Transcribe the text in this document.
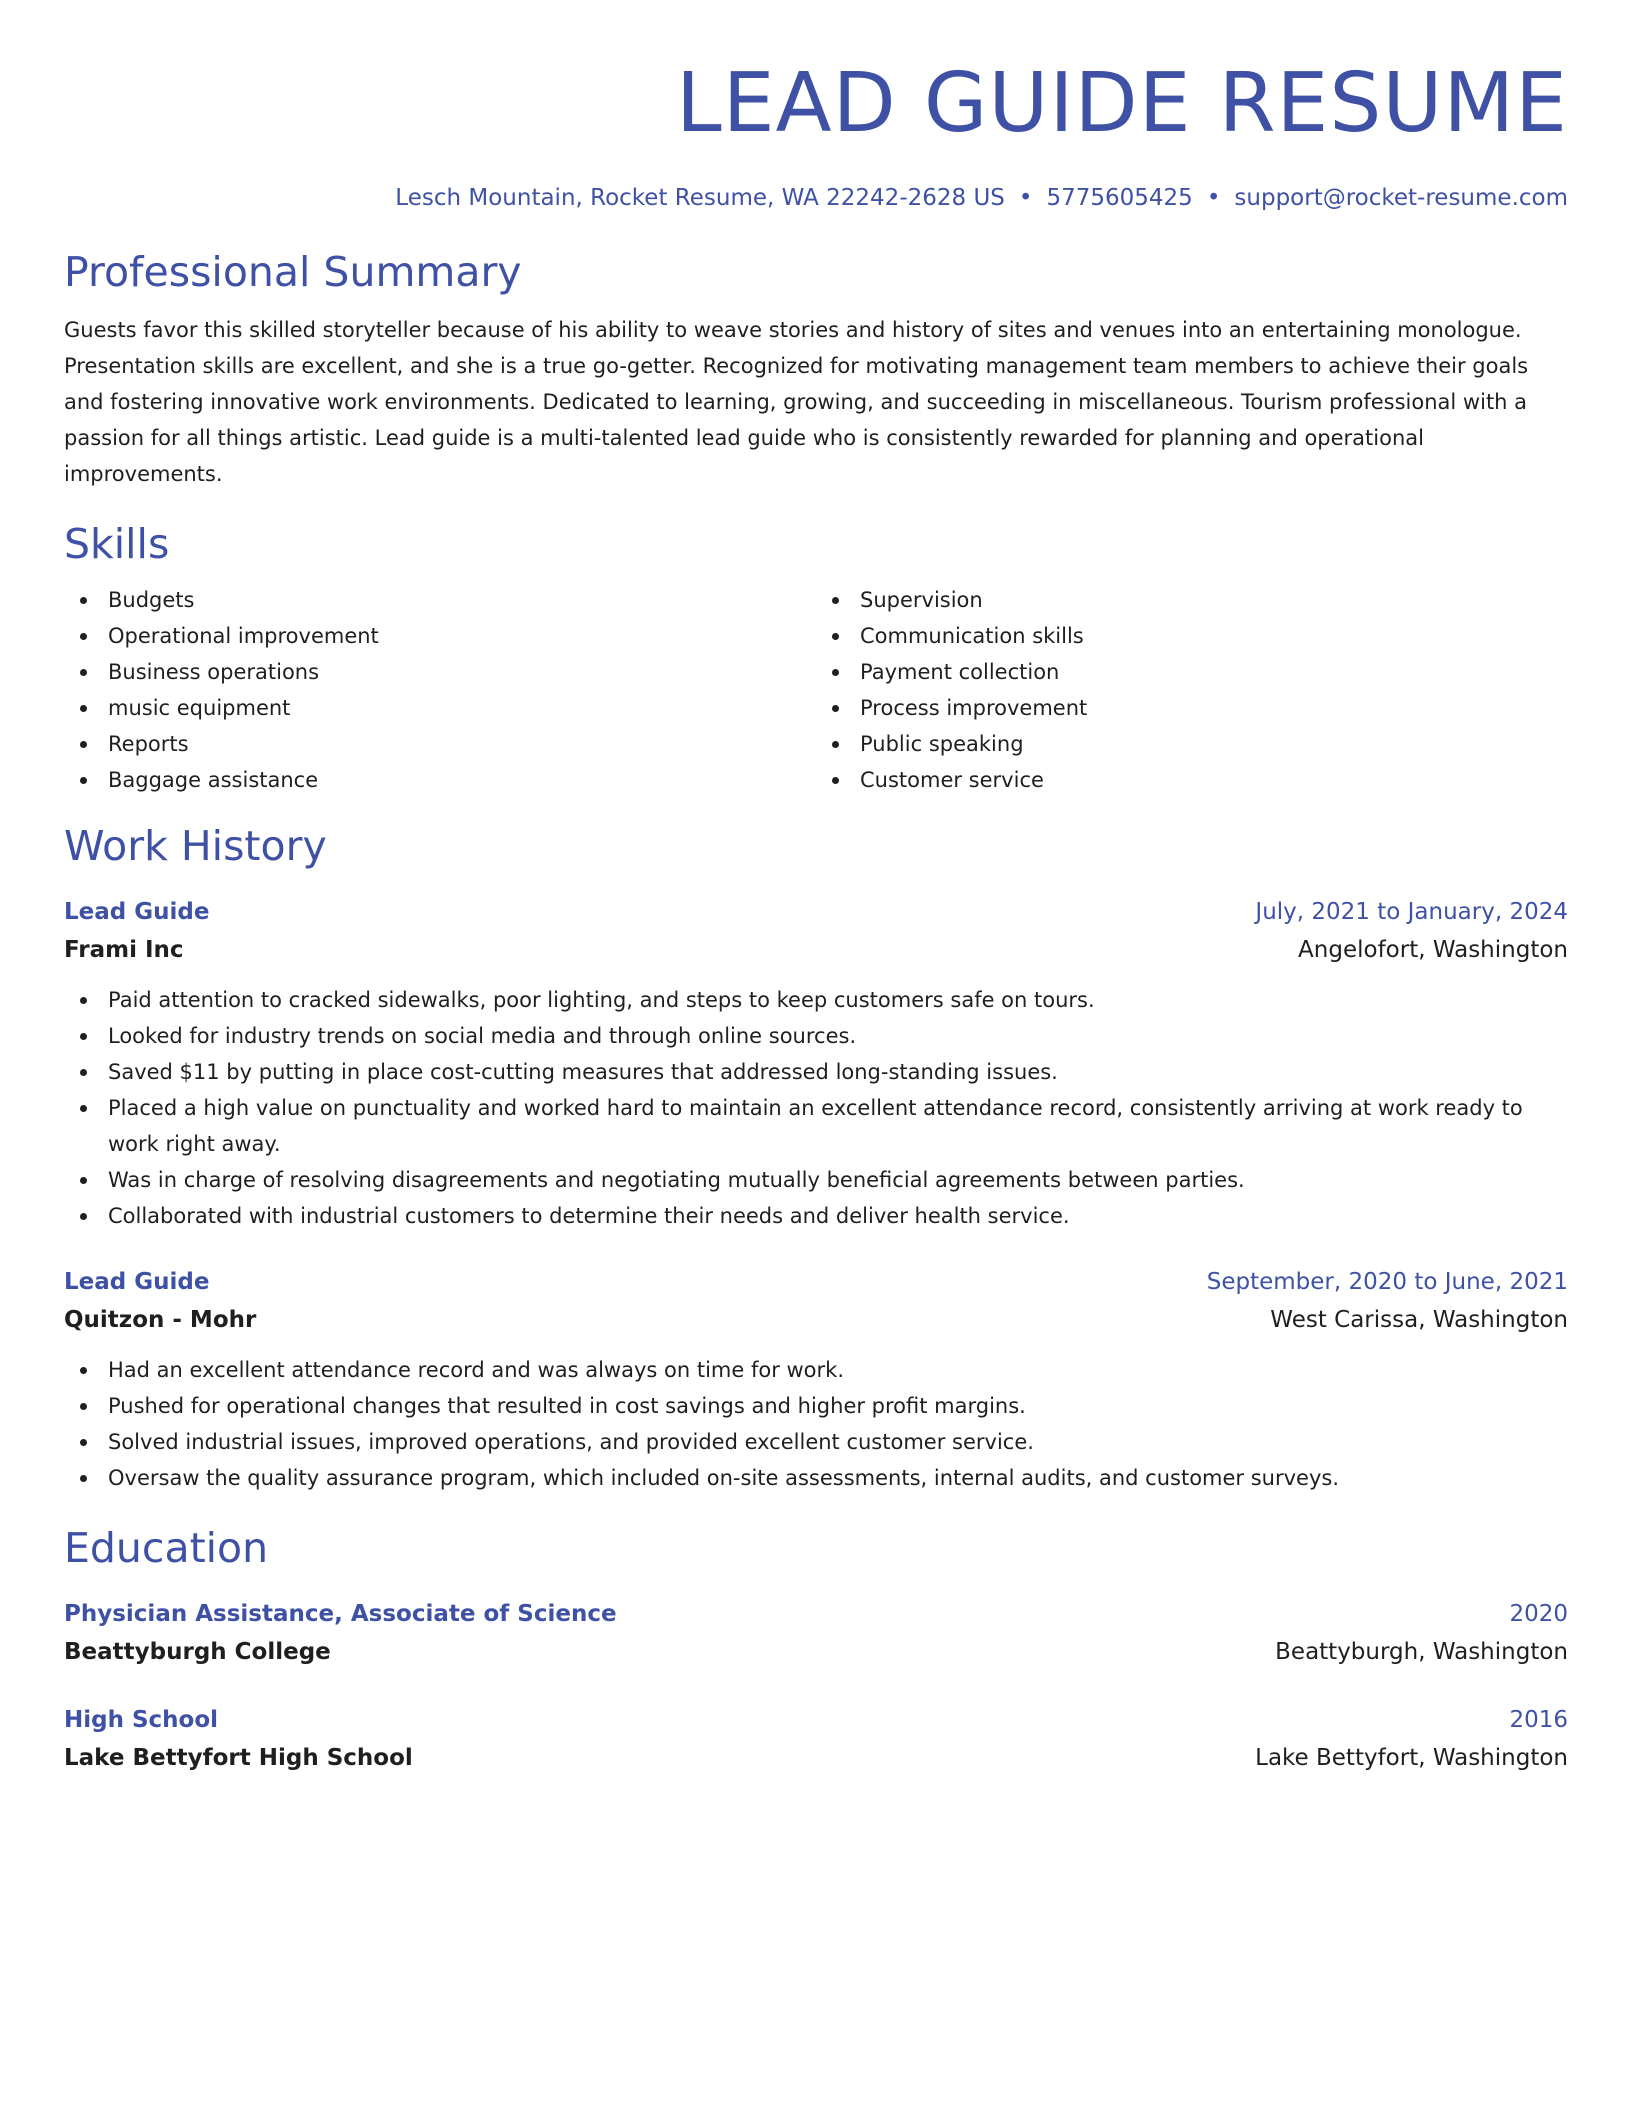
LEAD GUIDE RESUME
Lesch Mountain, Rocket Resume, WA 22242-2628 US • 5775605425 • support@rocket-resume.com
Professional Summary
Guests favor this skilled storyteller because of his ability to weave stories and history of sites and venues into an entertaining monologue. Presentation skills are excellent, and she is a true go-getter. Recognized for motivating management team members to achieve their goals and fostering innovative work environments. Dedicated to learning, growing, and succeeding in miscellaneous. Tourism professional with a passion for all things artistic. Lead guide is a multi-talented lead guide who is consistently rewarded for planning and operational improvements.
Skills
Budgets
Operational improvement
Business operations
music equipment
Reports
Baggage assistance
Supervision
Communication skills
Payment collection
Process improvement
Public speaking
Customer service
Work History
Lead Guide	July, 2021 to January, 2024
Frami Inc	Angelofort, Washington
Paid attention to cracked sidewalks, poor lighting, and steps to keep customers safe on tours.
Looked for industry trends on social media and through online sources.
Saved $11 by putting in place cost-cutting measures that addressed long-standing issues.
Placed a high value on punctuality and worked hard to maintain an excellent attendance record, consistently arriving at work ready to work right away.
Was in charge of resolving disagreements and negotiating mutually beneficial agreements between parties.
Collaborated with industrial customers to determine their needs and deliver health service.
Lead Guide	September, 2020 to June, 2021
Quitzon - Mohr	West Carissa, Washington
Had an excellent attendance record and was always on time for work.
Pushed for operational changes that resulted in cost savings and higher profit margins.
Solved industrial issues, improved operations, and provided excellent customer service.
Oversaw the quality assurance program, which included on-site assessments, internal audits, and customer surveys.
Education
Physician Assistance, Associate of Science	2020
Beattyburgh College	Beattyburgh, Washington
High School	2016
Lake Bettyfort High School	Lake Bettyfort, Washington
